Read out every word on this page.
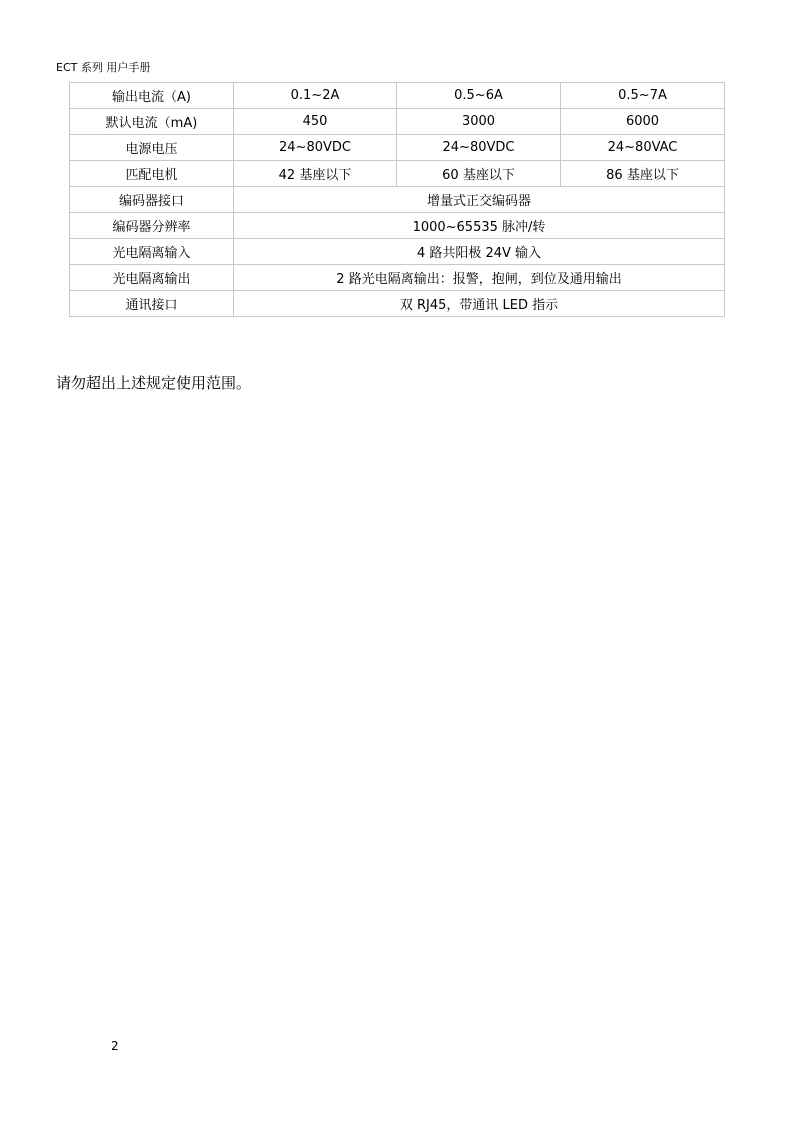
ECT 系列 用户手册
输出电流（A)	0.1~2A	0.5~6A	0.5~7A
默认电流（mA)	450	3000	6000
电源电压	24~80VDC	24~80VDC	24~80VAC
匹配电机	42 基座以下	60 基座以下	86 基座以下
编码器接口	增量式正交编码器		
编码器分辨率	1000~65535 脉冲/转		
光电隔离输入	4 路共阳极 24V 输入		
光电隔离输出	2 路光电隔离输出：报警，抱闸，到位及通用输出		
通讯接口	双 RJ45，带通讯 LED 指示		
请勿超出上述规定使用范围。
2
